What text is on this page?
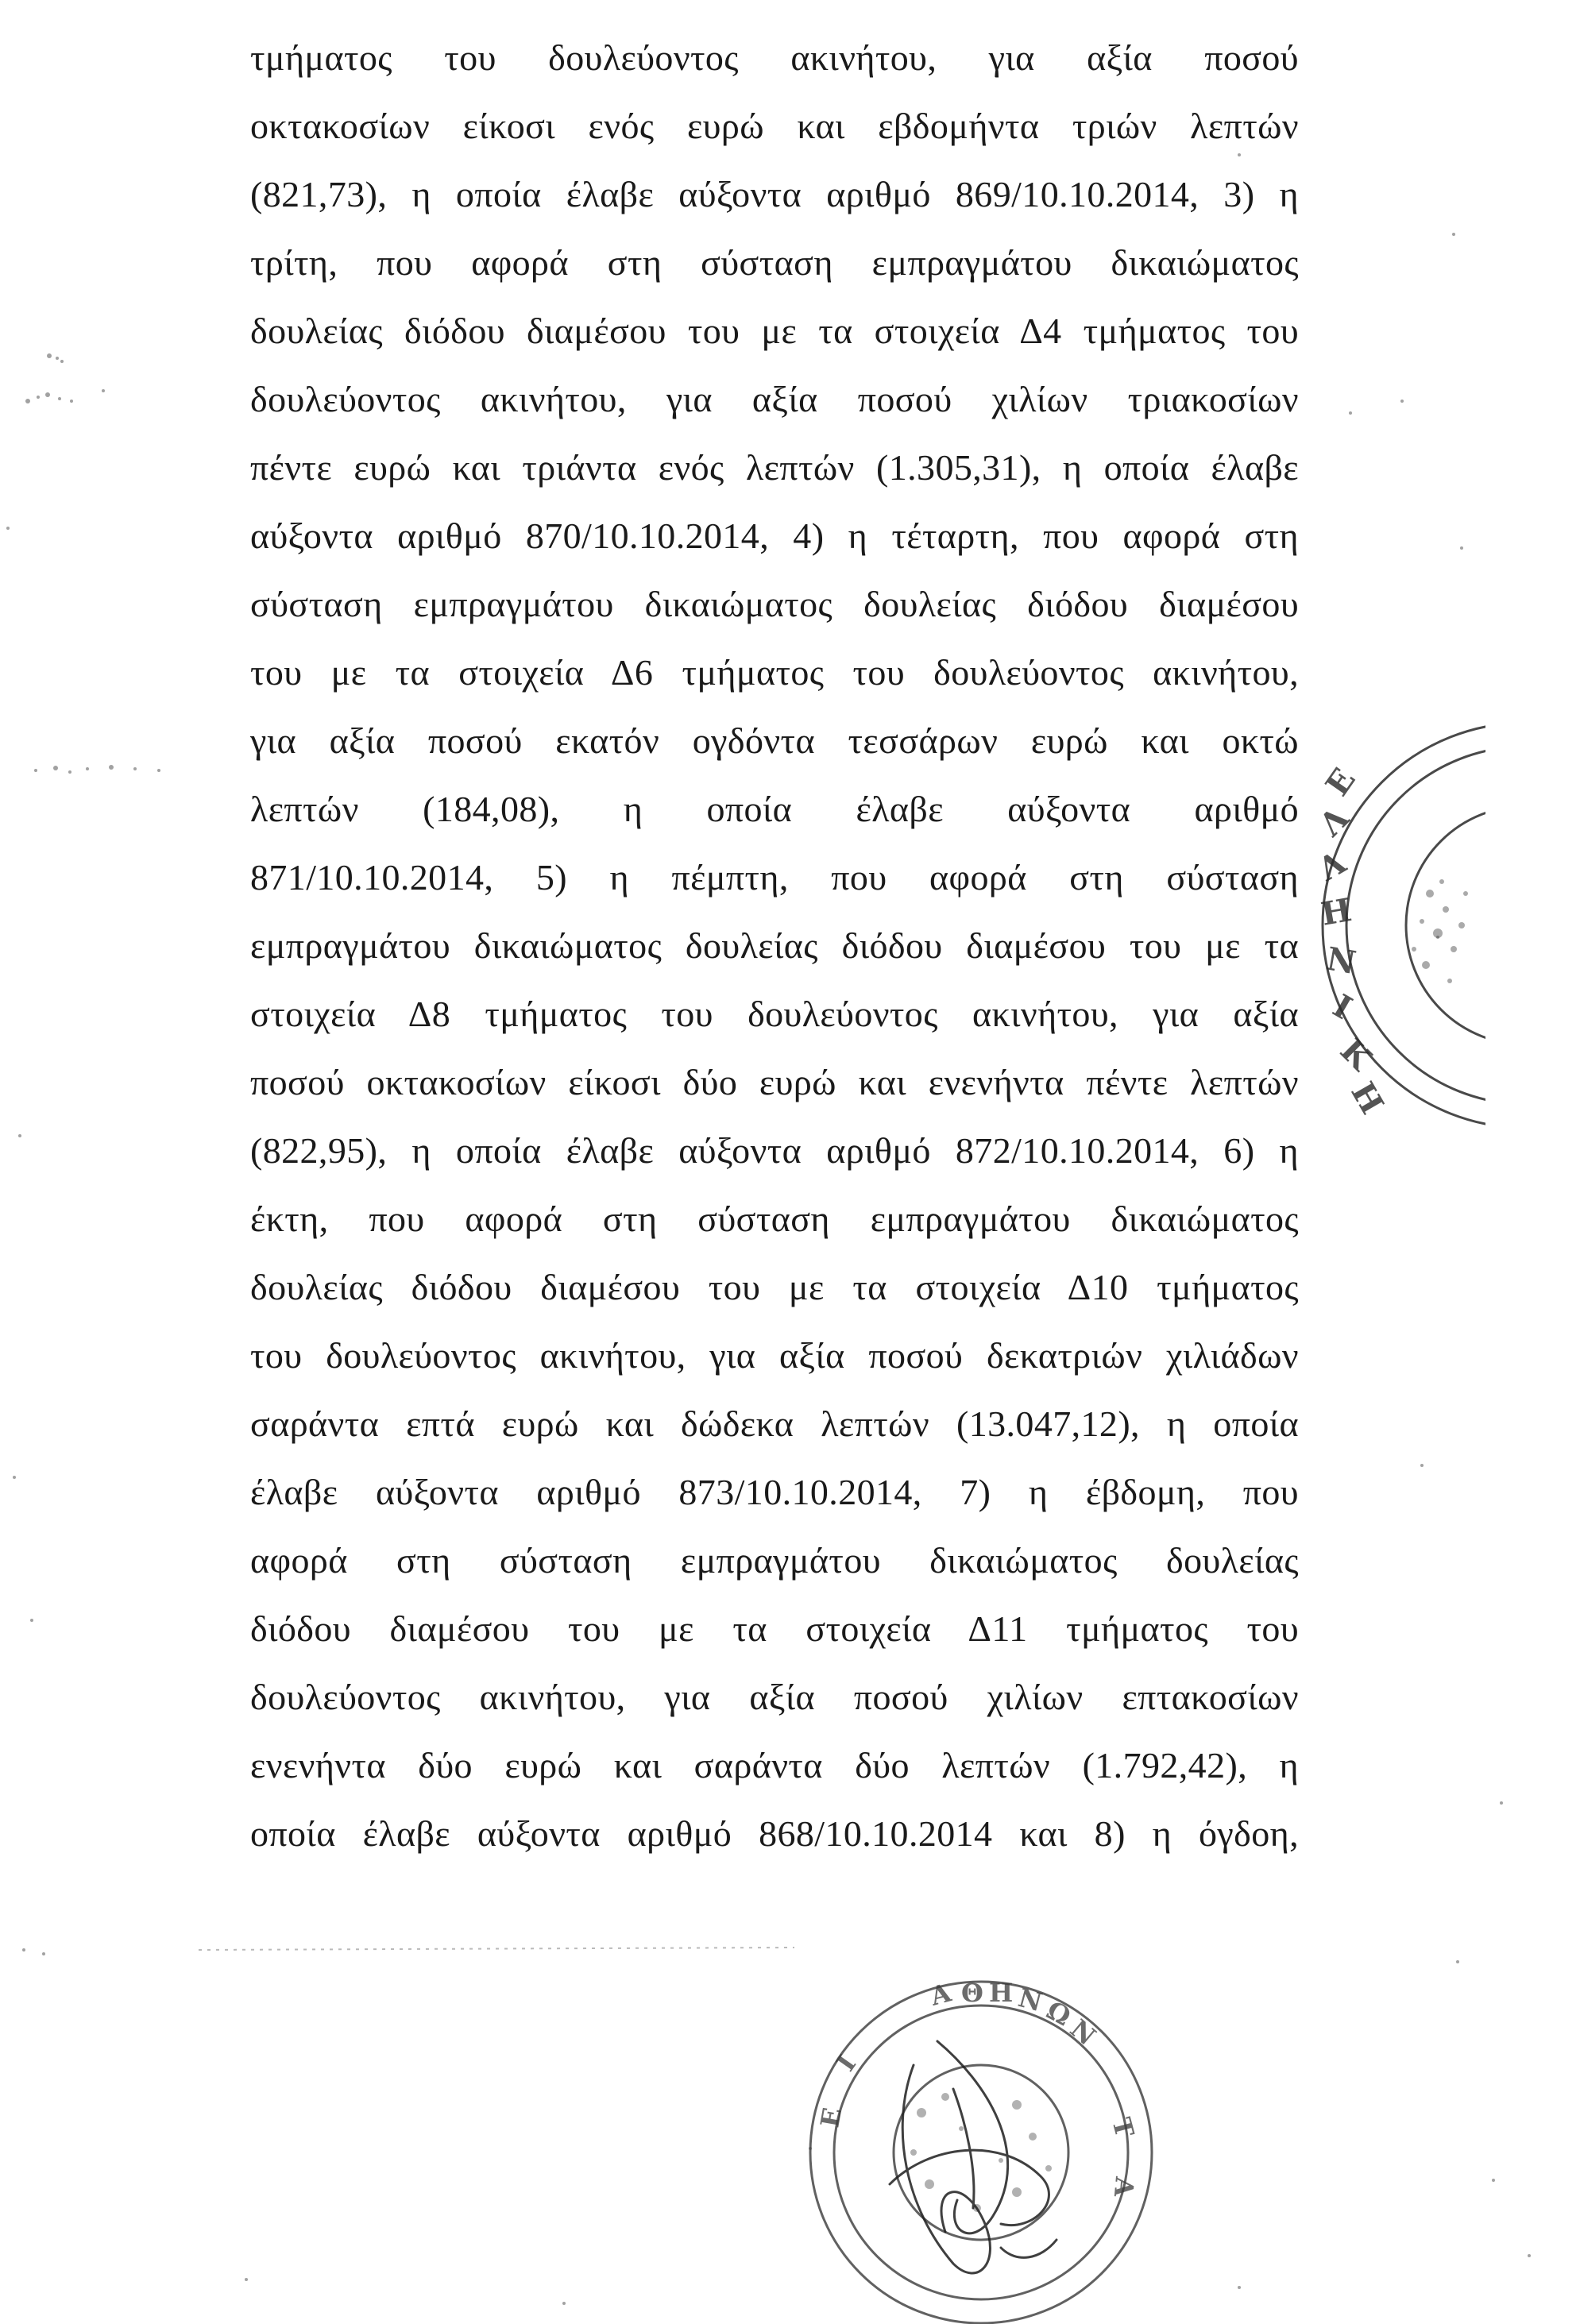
τμήματος του δουλεύοντος ακινήτου, για αξία ποσού
οκτακοσίων είκοσι ενός ευρώ και εβδομήντα τριών λεπτών
(821,73), η οποία έλαβε αύξοντα αριθμό 869/10.10.2014, 3) η
τρίτη, που αφορά στη σύσταση εμπραγμάτου δικαιώματος
δουλείας διόδου διαμέσου του με τα στοιχεία Δ4 τμήματος του
δουλεύοντος ακινήτου, για αξία ποσού χιλίων τριακοσίων
πέντε ευρώ και τριάντα ενός λεπτών (1.305,31), η οποία έλαβε
αύξοντα αριθμό 870/10.10.2014, 4) η τέταρτη, που αφορά στη
σύσταση εμπραγμάτου δικαιώματος δουλείας διόδου διαμέσου
του με τα στοιχεία Δ6 τμήματος του δουλεύοντος ακινήτου,
για αξία ποσού εκατόν ογδόντα τεσσάρων ευρώ και οκτώ
λεπτών (184,08), η οποία έλαβε αύξοντα αριθμό
871/10.10.2014, 5) η πέμπτη, που αφορά στη σύσταση
εμπραγμάτου δικαιώματος δουλείας διόδου διαμέσου του με τα
στοιχεία Δ8 τμήματος του δουλεύοντος ακινήτου, για αξία
ποσού οκτακοσίων είκοσι δύο ευρώ και ενενήντα πέντε λεπτών
(822,95), η οποία έλαβε αύξοντα αριθμό 872/10.10.2014, 6) η
έκτη, που αφορά στη σύσταση εμπραγμάτου δικαιώματος
δουλείας διόδου διαμέσου του με τα στοιχεία Δ10 τμήματος
του δουλεύοντος ακινήτου, για αξία ποσού δεκατριών χιλιάδων
σαράντα επτά ευρώ και δώδεκα λεπτών (13.047,12), η οποία
έλαβε αύξοντα αριθμό 873/10.10.2014, 7) η έβδομη, που
αφορά στη σύσταση εμπραγμάτου δικαιώματος δουλείας
διόδου διαμέσου του με τα στοιχεία Δ11 τμήματος του
δουλεύοντος ακινήτου, για αξία ποσού χιλίων επτακοσίων
ενενήντα δύο ευρώ και σαράντα δύο λεπτών (1.792,42), η
οποία έλαβε αύξοντα αριθμό 868/10.10.2014 και 8) η όγδοη,
Ε
Λ
Λ
Η
Ν
Ι
Κ
Η
Α Θ Η Ν
Ω
Ν
Ι
Ε	Τ
Α
